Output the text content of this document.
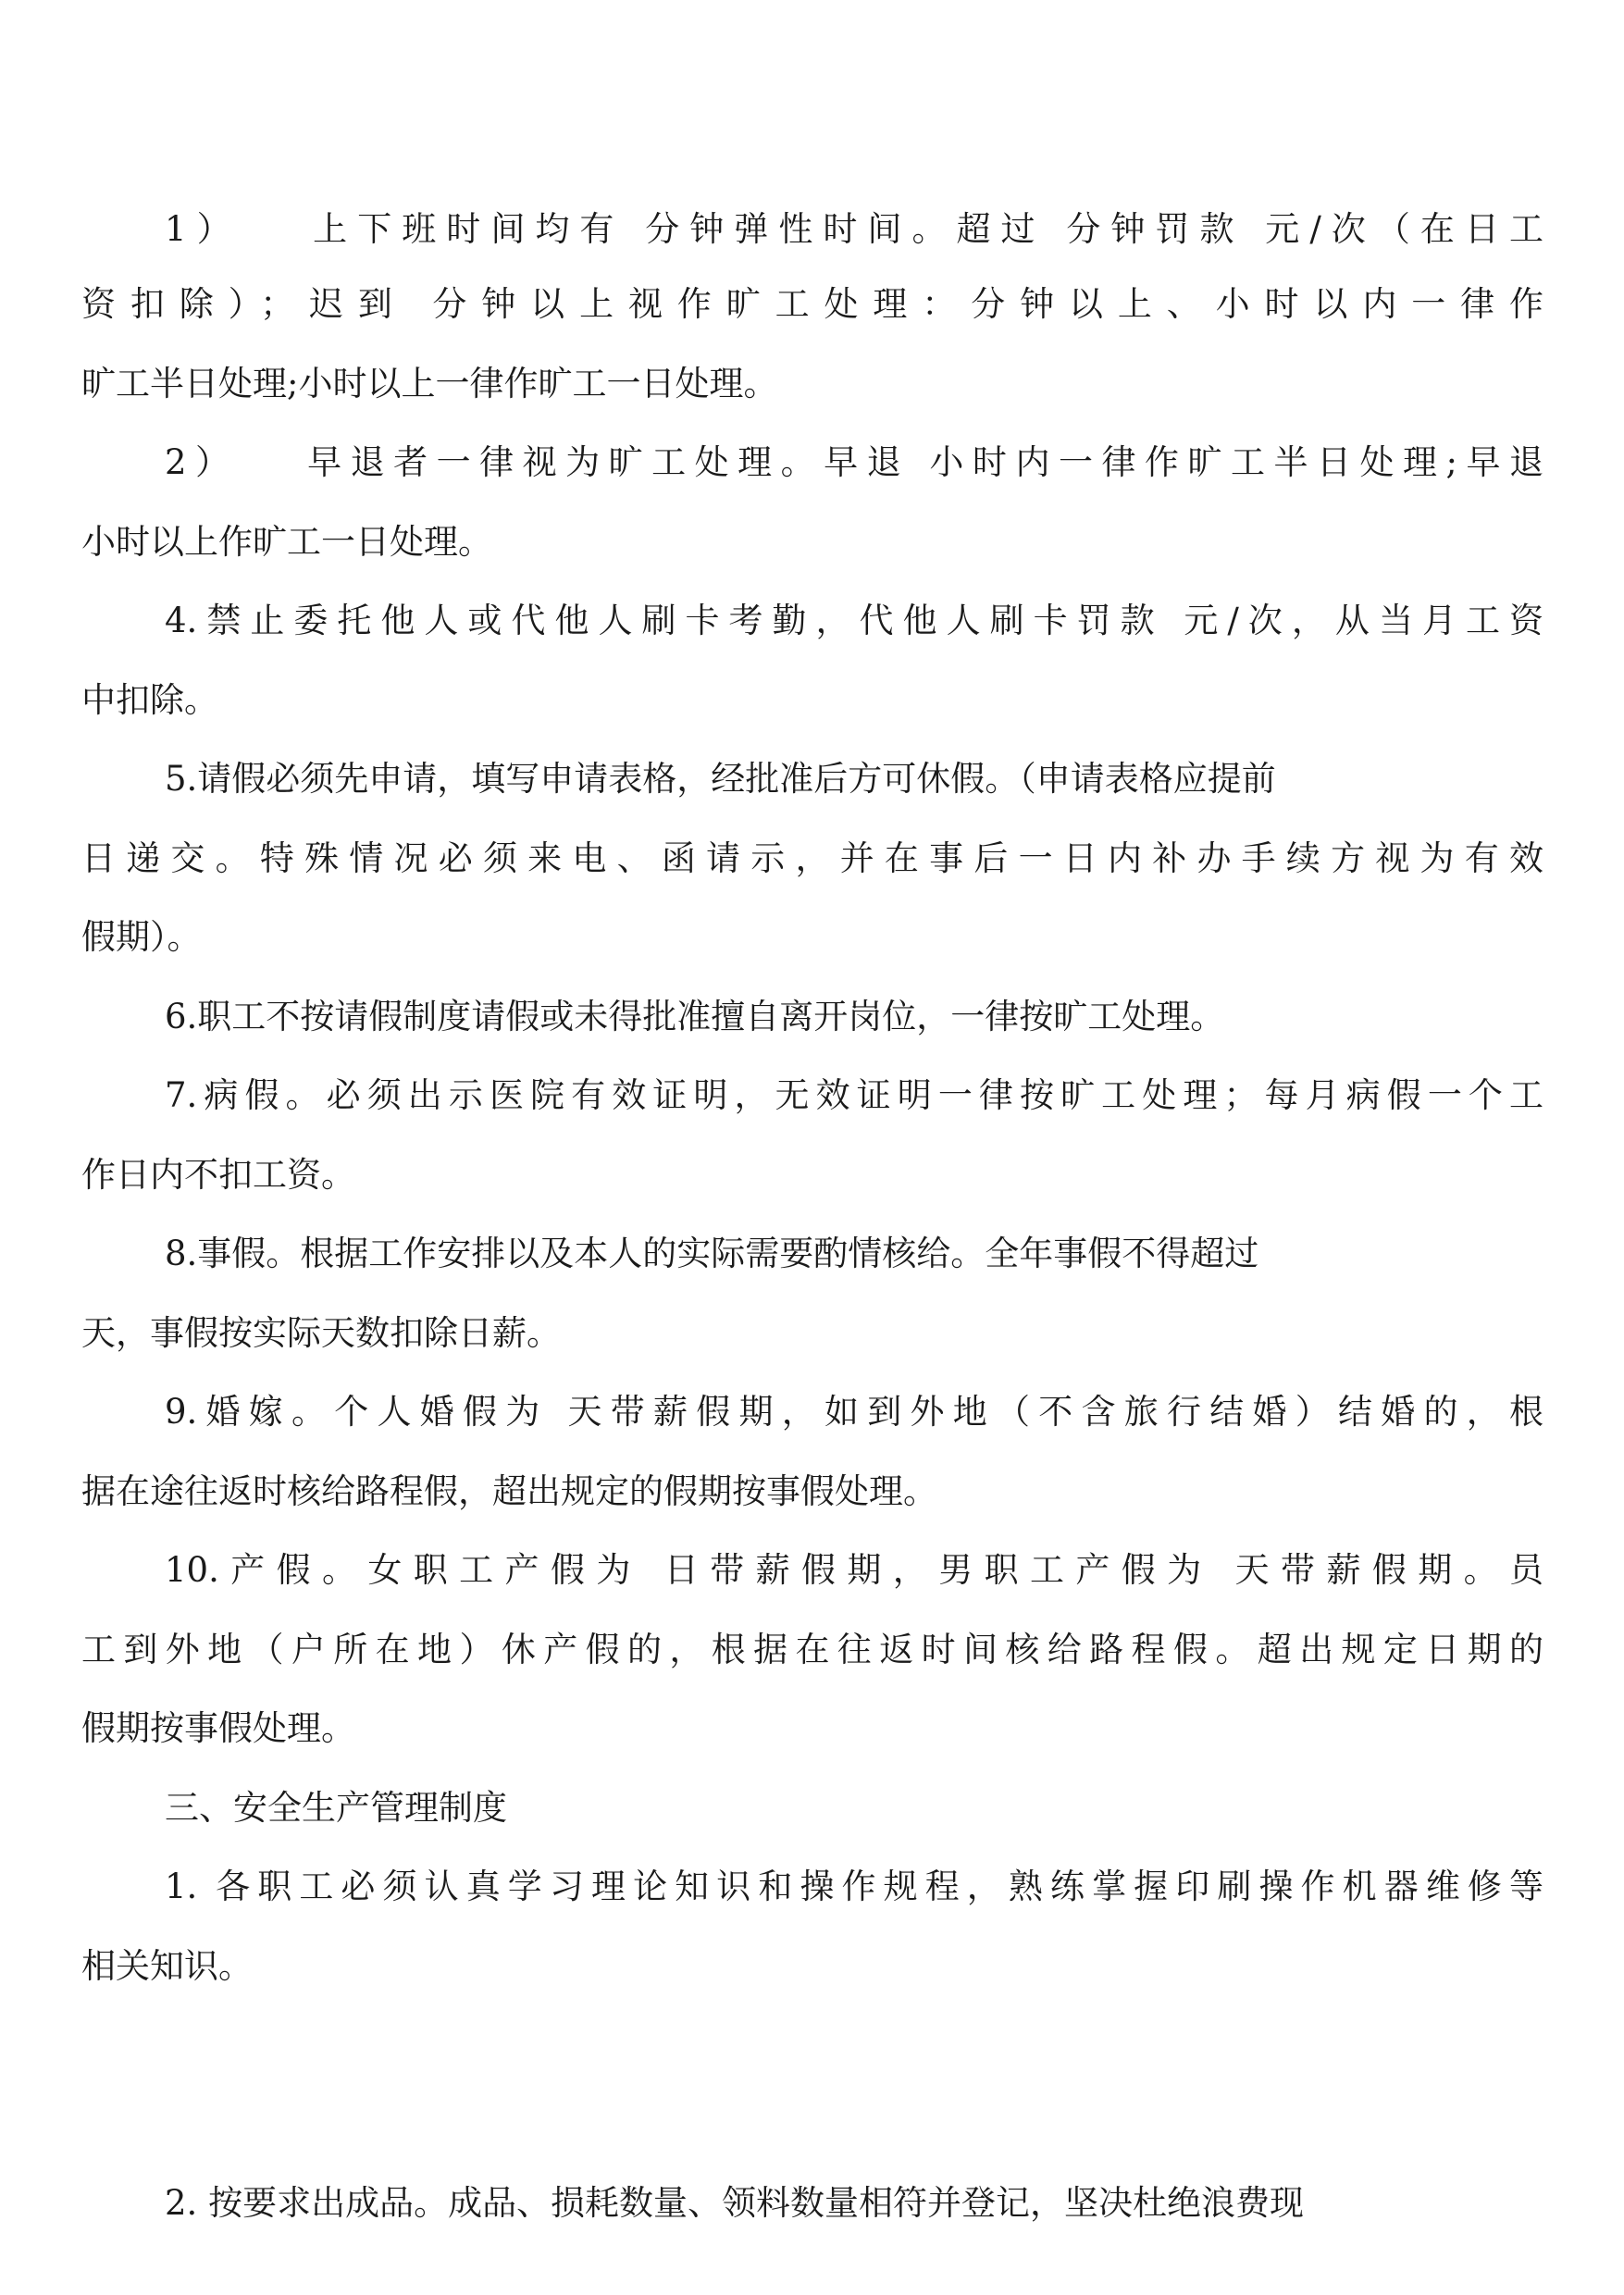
1）　　上下班时间均有 分钟弹性时间。超过 分钟罚款 元/次（在日工
资扣除）；迟到 分钟以上视作旷工处理：分钟以上、小时以内一律作
旷工半日处理;小时以上一律作旷工一日处理。
2）　　早退者一律视为旷工处理。早退 小时内一律作旷工半日处理;早退
小时以上作旷工一日处理。
4.禁止委托他人或代他人刷卡考勤，代他人刷卡罚款 元/次，从当月工资
中扣除。
5.请假必须先申请，填写申请表格，经批准后方可休假。（申请表格应提前
日递交。特殊情况必须来电、函请示，并在事后一日内补办手续方视为有效
假期）。
6.职工不按请假制度请假或未得批准擅自离开岗位，一律按旷工处理。
7.病假。必须出示医院有效证明，无效证明一律按旷工处理；每月病假一个工
作日内不扣工资。
8.事假。根据工作安排以及本人的实际需要酌情核给。全年事假不得超过
天，事假按实际天数扣除日薪。
9.婚嫁。个人婚假为 天带薪假期，如到外地（不含旅行结婚）结婚的，根
据在途往返时核给路程假，超出规定的假期按事假处理。
10.产假。女职工产假为 日带薪假期，男职工产假为 天带薪假期。员
工到外地（户所在地）休产假的，根据在往返时间核给路程假。超出规定日期的
假期按事假处理。
三、安全生产管理制度
1. 各职工必须认真学习理论知识和操作规程，熟练掌握印刷操作机器维修等
相关知识。
2. 按要求出成品。成品、损耗数量、领料数量相符并登记，坚决杜绝浪费现
